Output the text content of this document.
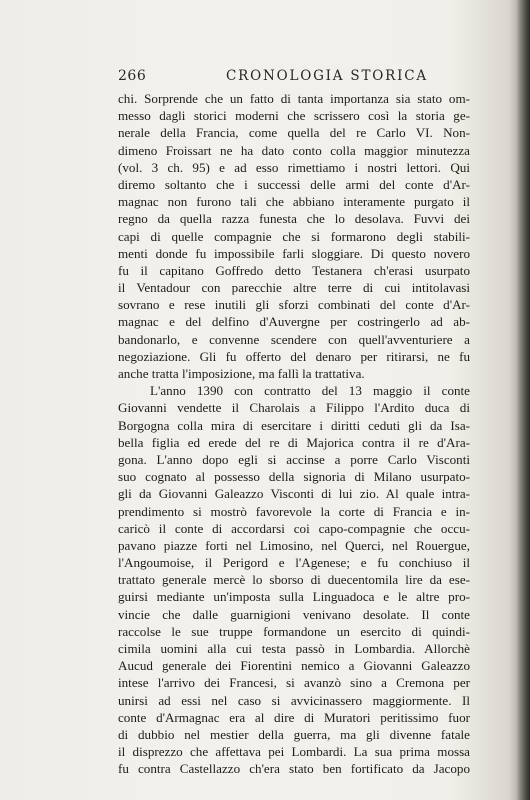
266	CRONOLOGIA STORICA
chi. Sorprende che un fatto di tanta importanza sia stato om-
messo dagli storici moderni che scrissero così la storia ge-
nerale della Francia, come quella del re Carlo VI. Non-
dimeno Froissart ne ha dato conto colla maggior minutezza
(vol. 3 ch. 95) e ad esso rimettiamo i nostri lettori. Qui
diremo soltanto che i successi delle armi del conte d'Ar-
magnac non furono tali che abbiano interamente purgato il
regno da quella razza funesta che lo desolava. Fuvvi dei
capi di quelle compagnie che si formarono degli stabili-
menti donde fu impossibile farli sloggiare. Di questo novero
fu il capitano Goffredo detto Testanera ch'erasi usurpato
il Ventadour con parecchie altre terre di cui intitolavasi
sovrano e rese inutili gli sforzi combinati del conte d'Ar-
magnac e del delfino d'Auvergne per costringerlo ad ab-
bandonarlo, e convenne scendere con quell'avventuriere a
negoziazione. Gli fu offerto del denaro per ritirarsi, ne fu
anche tratta l'imposizione, ma fallì la trattativa.
L'anno 1390 con contratto del 13 maggio il conte
Giovanni vendette il Charolais a Filippo l'Ardito duca di
Borgogna colla mira di esercitare i diritti ceduti gli da Isa-
bella figlia ed erede del re di Majorica contra il re d'Ara-
gona. L'anno dopo egli si accinse a porre Carlo Visconti
suo cognato al possesso della signoria di Milano usurpato-
gli da Giovanni Galeazzo Visconti di lui zio. Al quale intra-
prendimento si mostrò favorevole la corte di Francia e in-
caricò il conte di accordarsi coi capo-compagnie che occu-
pavano piazze forti nel Limosino, nel Querci, nel Rouergue,
l'Angoumoise, il Perigord e l'Agenese; e fu conchiuso il
trattato generale mercè lo sborso di duecentomila lire da ese-
guirsi mediante un'imposta sulla Linguadoca e le altre pro-
vincie che dalle guarnigioni venivano desolate. Il conte
raccolse le sue truppe formandone un esercito di quindi-
cimila uomini alla cui testa passò in Lombardia. Allorchè
Aucud generale dei Fiorentini nemico a Giovanni Galeazzo
intese l'arrivo dei Francesi, si avanzò sino a Cremona per
unirsi ad essi nel caso si avvicinassero maggiormente. Il
conte d'Armagnac era al dire di Muratori peritissimo fuor
di dubbio nel mestier della guerra, ma gli divenne fatale
il disprezzo che affettava pei Lombardi. La sua prima mossa
fu contra Castellazzo ch'era stato ben fortificato da Jacopo
